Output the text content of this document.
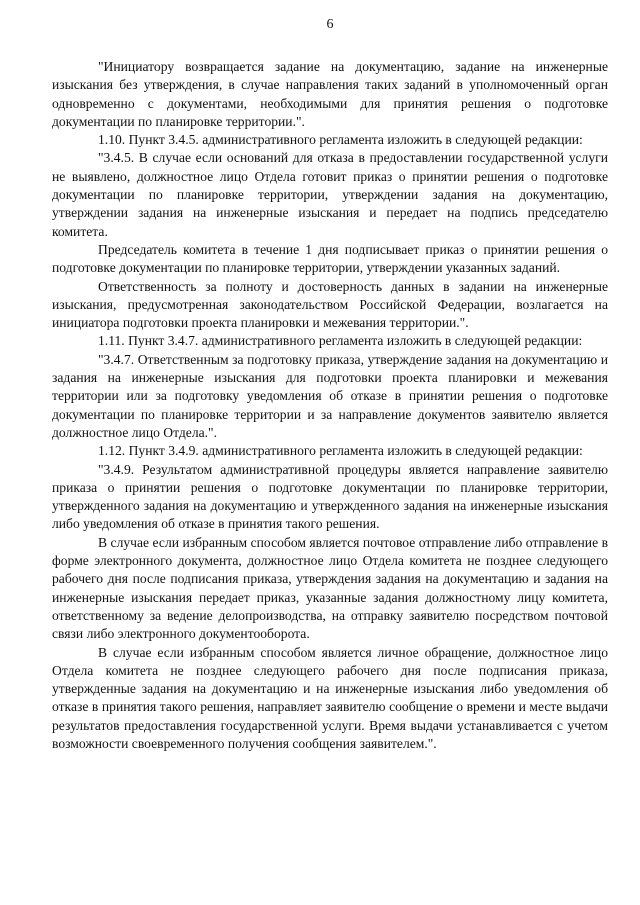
6

"Инициатору возвращается задание на документацию, задание на инженерные изыскания без утверждения, в случае направления таких заданий в уполномоченный орган одновременно с документами, необходимыми для принятия решения о подготовке документации по планировке территории.".

1.10. Пункт 3.4.5. административного регламента изложить в следующей редакции:

"3.4.5. В случае если оснований для отказа в предоставлении государственной услуги не выявлено, должностное лицо Отдела готовит приказ о принятии решения о подготовке документации по планировке территории, утверждении задания на документацию, утверждении задания на инженерные изыскания и передает на подпись председателю комитета.

Председатель комитета в течение 1 дня подписывает приказ о принятии решения о подготовке документации по планировке территории, утверждении указанных заданий.

Ответственность за полноту и достоверность данных в задании на инженерные изыскания, предусмотренная законодательством Российской Федерации, возлагается на инициатора подготовки проекта планировки и межевания территории.".

1.11. Пункт 3.4.7. административного регламента изложить в следующей редакции:

"3.4.7. Ответственным за подготовку приказа, утверждение задания на документацию и задания на инженерные изыскания для подготовки проекта планировки и межевания территории или за подготовку уведомления об отказе в принятии решения о подготовке документации по планировке территории и за направление документов заявителю является должностное лицо Отдела.".

1.12. Пункт 3.4.9. административного регламента изложить в следующей редакции:

"3.4.9. Результатом административной процедуры является направление заявителю приказа о принятии решения о подготовке документации по планировке территории, утвержденного задания на документацию и утвержденного задания на инженерные изыскания либо уведомления об отказе в принятия такого решения.

В случае если избранным способом является почтовое отправление либо отправление в форме электронного документа, должностное лицо Отдела комитета не позднее следующего рабочего дня после подписания приказа, утверждения задания на документацию и задания на инженерные изыскания передает приказ, указанные задания должностному лицу комитета, ответственному за ведение делопроизводства, на отправку заявителю посредством почтовой связи либо электронного документооборота.

В случае если избранным способом является личное обращение, должностное лицо Отдела комитета не позднее следующего рабочего дня после подписания приказа, утвержденные задания на документацию и на инженерные изыскания либо уведомления об отказе в принятия такого решения, направляет заявителю сообщение о времени и месте выдачи результатов предоставления государственной услуги. Время выдачи устанавливается с учетом возможности своевременного получения сообщения заявителем.".
